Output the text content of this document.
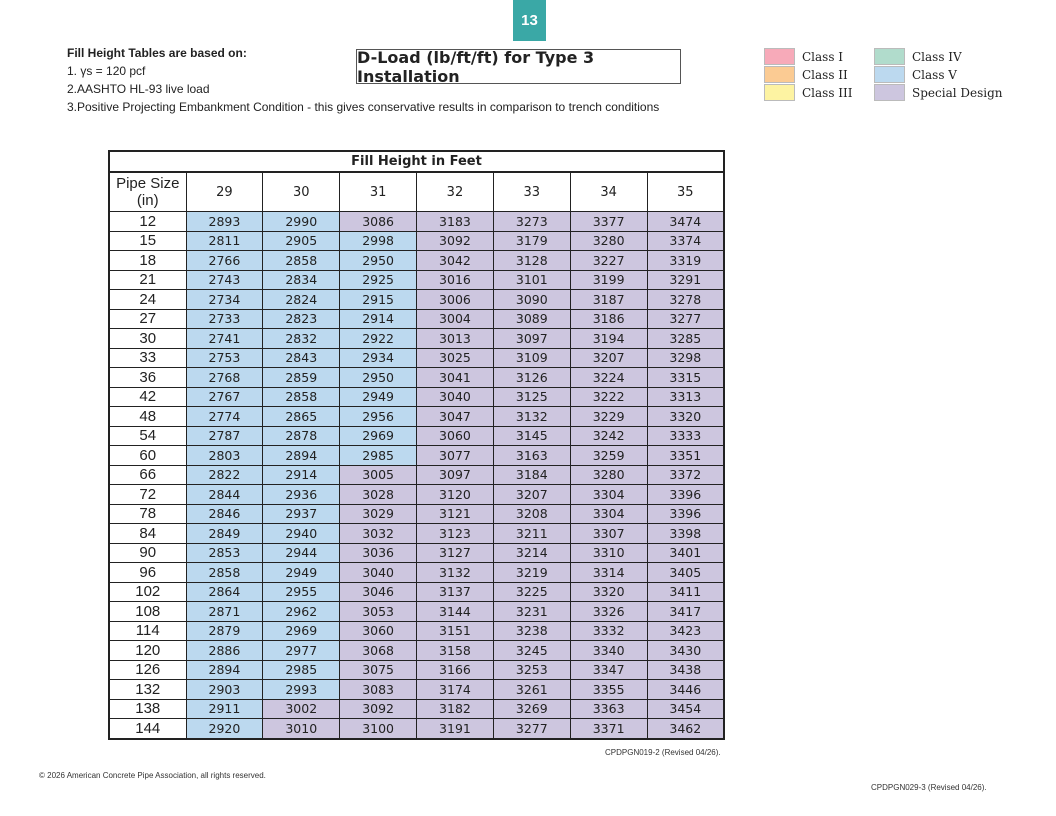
13
Fill Height Tables are based on:
1. γs = 120 pcf
2.AASHTO HL-93 live load
3.Positive Projecting Embankment Condition - this gives conservative results in comparison to trench conditions
D-Load (lb/ft/ft) for Type 3 Installation
Class I	Class IV
Class II	Class V
Class III	Special Design
Fill Height in Feet							
Pipe Size (in)	29	30	31	32	33	34	35
12	2893	2990	3086	3183	3273	3377	3474
15	2811	2905	2998	3092	3179	3280	3374
18	2766	2858	2950	3042	3128	3227	3319
21	2743	2834	2925	3016	3101	3199	3291
24	2734	2824	2915	3006	3090	3187	3278
27	2733	2823	2914	3004	3089	3186	3277
30	2741	2832	2922	3013	3097	3194	3285
33	2753	2843	2934	3025	3109	3207	3298
36	2768	2859	2950	3041	3126	3224	3315
42	2767	2858	2949	3040	3125	3222	3313
48	2774	2865	2956	3047	3132	3229	3320
54	2787	2878	2969	3060	3145	3242	3333
60	2803	2894	2985	3077	3163	3259	3351
66	2822	2914	3005	3097	3184	3280	3372
72	2844	2936	3028	3120	3207	3304	3396
78	2846	2937	3029	3121	3208	3304	3396
84	2849	2940	3032	3123	3211	3307	3398
90	2853	2944	3036	3127	3214	3310	3401
96	2858	2949	3040	3132	3219	3314	3405
102	2864	2955	3046	3137	3225	3320	3411
108	2871	2962	3053	3144	3231	3326	3417
114	2879	2969	3060	3151	3238	3332	3423
120	2886	2977	3068	3158	3245	3340	3430
126	2894	2985	3075	3166	3253	3347	3438
132	2903	2993	3083	3174	3261	3355	3446
138	2911	3002	3092	3182	3269	3363	3454
144	2920	3010	3100	3191	3277	3371	3462
CPDPGN019-2 (Revised 04/26).
© 2026 American Concrete Pipe Association, all rights reserved.
CPDPGN029-3 (Revised 04/26).
